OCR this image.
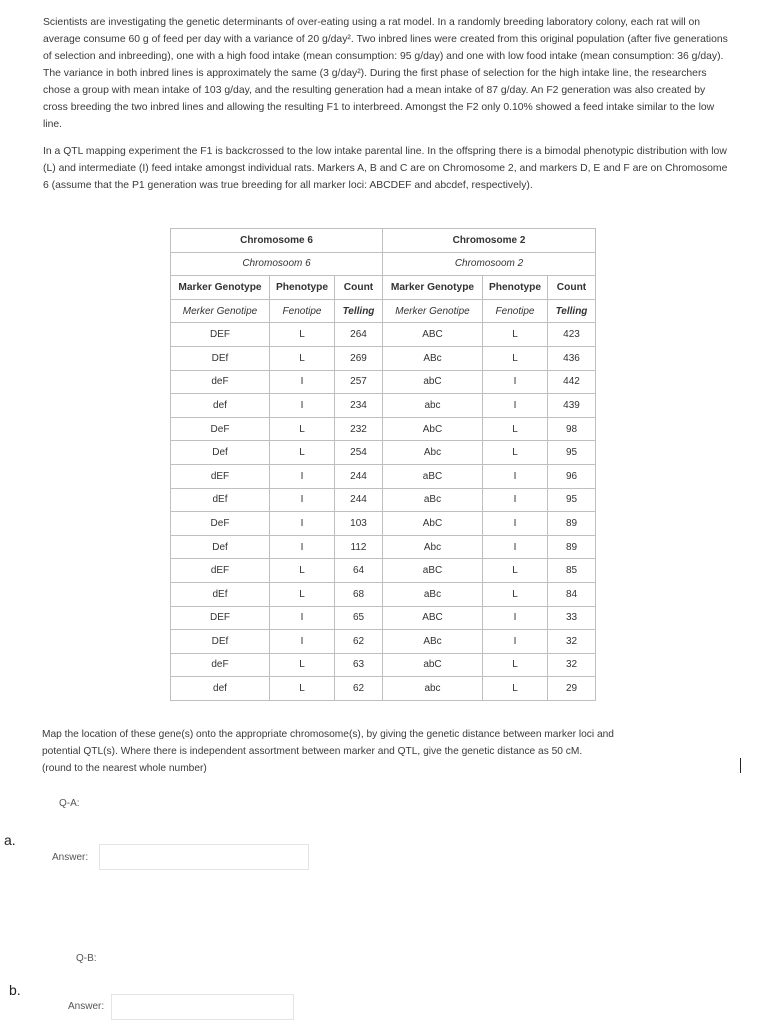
Scientists are investigating the genetic determinants of over-eating using a rat model. In a randomly breeding laboratory colony, each rat will on average consume 60 g of feed per day with a variance of 20 g/day². Two inbred lines were created from this original population (after five generations of selection and inbreeding), one with a high food intake (mean consumption: 95 g/day) and one with low food intake (mean consumption: 36 g/day). The variance in both inbred lines is approximately the same (3 g/day²). During the first phase of selection for the high intake line, the researchers chose a group with mean intake of 103 g/day, and the resulting generation had a mean intake of 87 g/day. An F2 generation was also created by cross breeding the two inbred lines and allowing the resulting F1 to interbreed. Amongst the F2 only 0.10% showed a feed intake similar to the low line.
In a QTL mapping experiment the F1 is backcrossed to the low intake parental line. In the offspring there is a bimodal phenotypic distribution with low (L) and intermediate (I) feed intake amongst individual rats. Markers A, B and C are on Chromosome 2, and markers D, E and F are on Chromosome 6 (assume that the P1 generation was true breeding for all marker loci: ABCDEF and abcdef, respectively).
Chromosome 6			Chromosome 2		
Chromosoom 6			Chromosoom 2		
Marker Genotype	Phenotype	Count	Marker Genotype	Phenotype	Count
Merker Genotipe	Fenotipe	Telling	Merker Genotipe	Fenotipe	Telling
DEF	L	264	ABC	L	423
DEf	L	269	ABc	L	436
deF	I	257	abC	I	442
def	I	234	abc	I	439
DeF	L	232	AbC	L	98
Def	L	254	Abc	L	95
dEF	I	244	aBC	I	96
dEf	I	244	aBc	I	95
DeF	I	103	AbC	I	89
Def	I	112	Abc	I	89
dEF	L	64	aBC	L	85
dEf	L	68	aBc	L	84
DEF	I	65	ABC	I	33
DEf	I	62	ABc	I	32
deF	L	63	abC	L	32
def	L	62	abc	L	29
Map the location of these gene(s) onto the appropriate chromosome(s), by giving the genetic distance between marker loci and
potential QTL(s). Where there is independent assortment between marker and QTL, give the genetic distance as 50 cM.
(round to the nearest whole number)
Q-A:
a.
Answer:
Q-B:
b.
Answer:
